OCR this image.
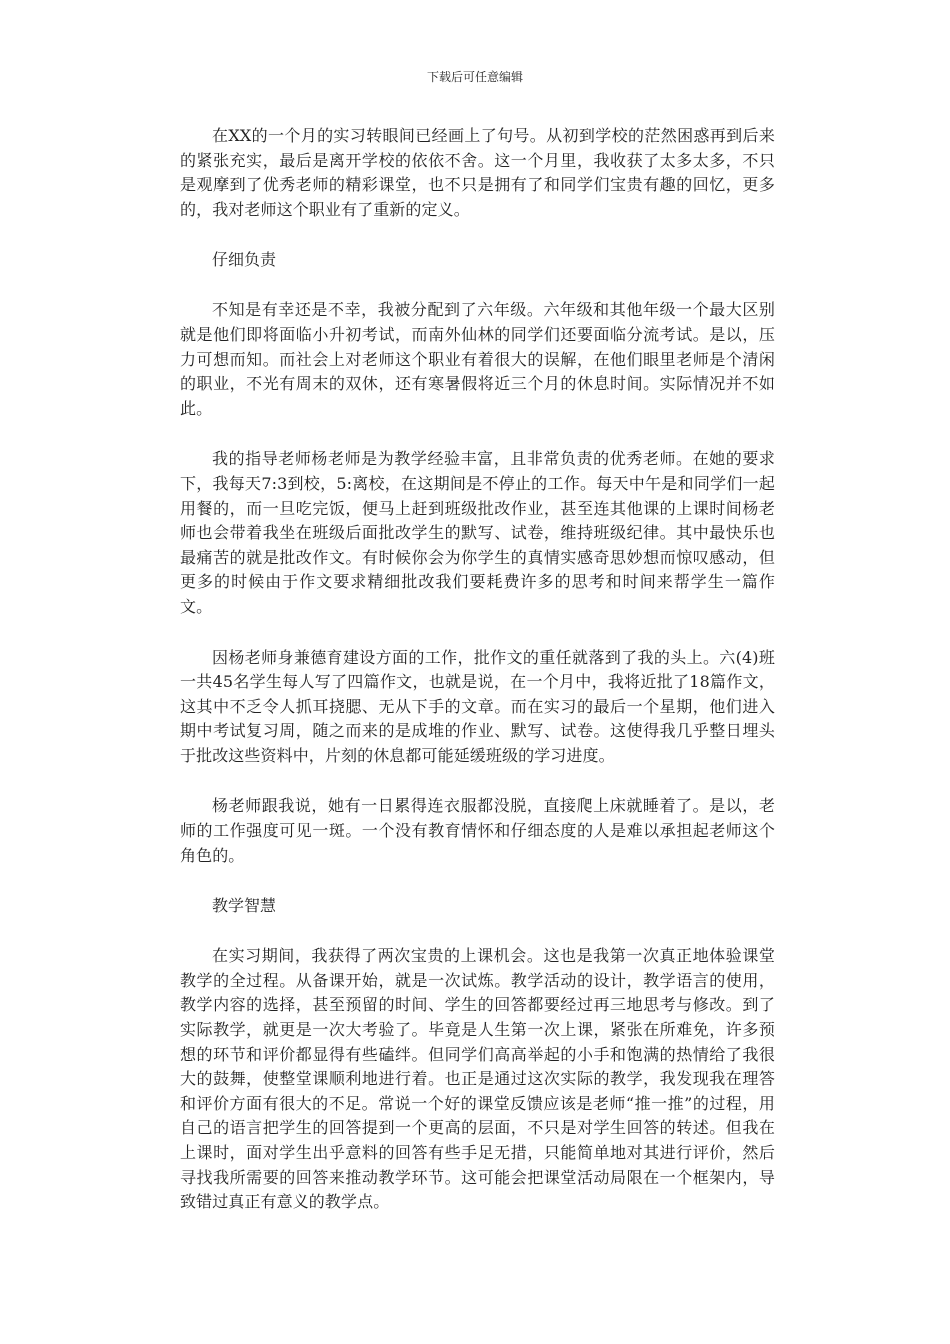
下载后可任意编辑

在XX的一个月的实习转眼间已经画上了句号。从初到学校的茫然困惑再到后来的紧张充实，最后是离开学校的依依不舍。这一个月里，我收获了太多太多，不只是观摩到了优秀老师的精彩课堂，也不只是拥有了和同学们宝贵有趣的回忆，更多的，我对老师这个职业有了重新的定义。

仔细负责

不知是有幸还是不幸，我被分配到了六年级。六年级和其他年级一个最大区别就是他们即将面临小升初考试，而南外仙林的同学们还要面临分流考试。是以，压力可想而知。而社会上对老师这个职业有着很大的误解，在他们眼里老师是个清闲的职业，不光有周末的双休，还有寒暑假将近三个月的休息时间。实际情况并不如此。

我的指导老师杨老师是为教学经验丰富，且非常负责的优秀老师。在她的要求下，我每天7:3到校，5:离校，在这期间是不停止的工作。每天中午是和同学们一起用餐的，而一旦吃完饭，便马上赶到班级批改作业，甚至连其他课的上课时间杨老师也会带着我坐在班级后面批改学生的默写、试卷，维持班级纪律。其中最快乐也最痛苦的就是批改作文。有时候你会为你学生的真情实感奇思妙想而惊叹感动，但更多的时候由于作文要求精细批改我们要耗费许多的思考和时间来帮学生一篇作文。

因杨老师身兼德育建设方面的工作，批作文的重任就落到了我的头上。六(4)班一共45名学生每人写了四篇作文，也就是说，在一个月中，我将近批了18篇作文，这其中不乏令人抓耳挠腮、无从下手的文章。而在实习的最后一个星期，他们进入期中考试复习周，随之而来的是成堆的作业、默写、试卷。这使得我几乎整日埋头于批改这些资料中，片刻的休息都可能延缓班级的学习进度。

杨老师跟我说，她有一日累得连衣服都没脱，直接爬上床就睡着了。是以，老师的工作强度可见一斑。一个没有教育情怀和仔细态度的人是难以承担起老师这个角色的。

教学智慧

在实习期间，我获得了两次宝贵的上课机会。这也是我第一次真正地体验课堂教学的全过程。从备课开始，就是一次试炼。教学活动的设计，教学语言的使用，教学内容的选择，甚至预留的时间、学生的回答都要经过再三地思考与修改。到了实际教学，就更是一次大考验了。毕竟是人生第一次上课，紧张在所难免，许多预想的环节和评价都显得有些磕绊。但同学们高高举起的小手和饱满的热情给了我很大的鼓舞，使整堂课顺利地进行着。也正是通过这次实际的教学，我发现我在理答和评价方面有很大的不足。常说一个好的课堂反馈应该是老师“推一推”的过程，用自己的语言把学生的回答提到一个更高的层面，不只是对学生回答的转述。但我在上课时，面对学生出乎意料的回答有些手足无措，只能简单地对其进行评价，然后寻找我所需要的回答来推动教学环节。这可能会把课堂活动局限在一个框架内，导致错过真正有意义的教学点。
